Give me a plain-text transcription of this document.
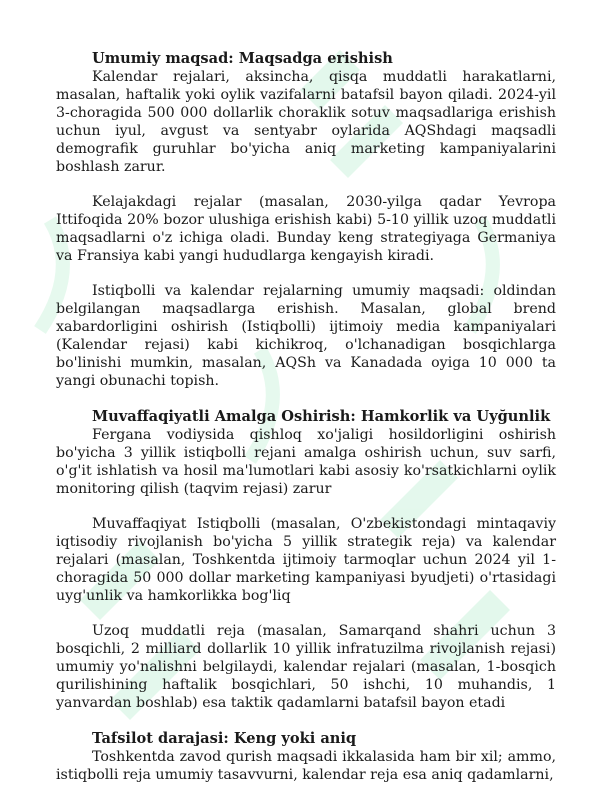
Umumiy maqsad: Maqsadga erishish

Kalendar rejalari, aksincha, qisqa muddatli harakatlarni, masalan, haftalik yoki oylik vazifalarni batafsil bayon qiladi. 2024-yil 3-choragida 500 000 dollarlik choraklik sotuv maqsadlariga erishish uchun iyul, avgust va sentyabr oylarida AQShdagi maqsadli demografik guruhlar bo'yicha aniq marketing kampaniyalarini boshlash zarur.

Kelajakdagi rejalar (masalan, 2030-yilga qadar Yevropa Ittifoqida 20% bozor ulushiga erishish kabi) 5-10 yillik uzoq muddatli maqsadlarni o'z ichiga oladi. Bunday keng strategiyaga Germaniya va Fransiya kabi yangi hududlarga kengayish kiradi.

Istiqbolli va kalendar rejalarning umumiy maqsadi: oldindan belgilangan maqsadlarga erishish. Masalan, global brend xabardorligini oshirish (Istiqbolli) ijtimoiy media kampaniyalari (Kalendar rejasi) kabi kichikroq, o'lchanadigan bosqichlarga bo'linishi mumkin, masalan, AQSh va Kanadada oyiga 10 000 ta yangi obunachi topish.

Muvaffaqiyatli Amalga Oshirish: Hamkorlik va Uyğunlik

Fergana vodiysida qishloq xo'jaligi hosildorligini oshirish bo'yicha 3 yillik istiqbolli rejani amalga oshirish uchun, suv sarfi, o'g'it ishlatish va hosil ma'lumotlari kabi asosiy ko'rsatkichlarni oylik monitoring qilish (taqvim rejasi) zarur

Muvaffaqiyat Istiqbolli (masalan, O'zbekistondagi mintaqaviy iqtisodiy rivojlanish bo'yicha 5 yillik strategik reja) va kalendar rejalari (masalan, Toshkentda ijtimoiy tarmoqlar uchun 2024 yil 1-choragida 50 000 dollar marketing kampaniyasi byudjeti) o'rtasidagi uyg'unlik va hamkorlikka bog'liq

Uzoq muddatli reja (masalan, Samarqand shahri uchun 3 bosqichli, 2 milliard dollarlik 10 yillik infratuzilma rivojlanish rejasi) umumiy yo'nalishni belgilaydi, kalendar rejalari (masalan, 1-bosqich qurilishining haftalik bosqichlari, 50 ishchi, 10 muhandis, 1 yanvardan boshlab) esa taktik qadamlarni batafsil bayon etadi

Tafsilot darajasi: Keng yoki aniq

Toshkentda zavod qurish maqsadi ikkalasida ham bir xil; ammo, istiqbolli reja umumiy tasavvurni, kalendar reja esa aniq qadamlarni,
